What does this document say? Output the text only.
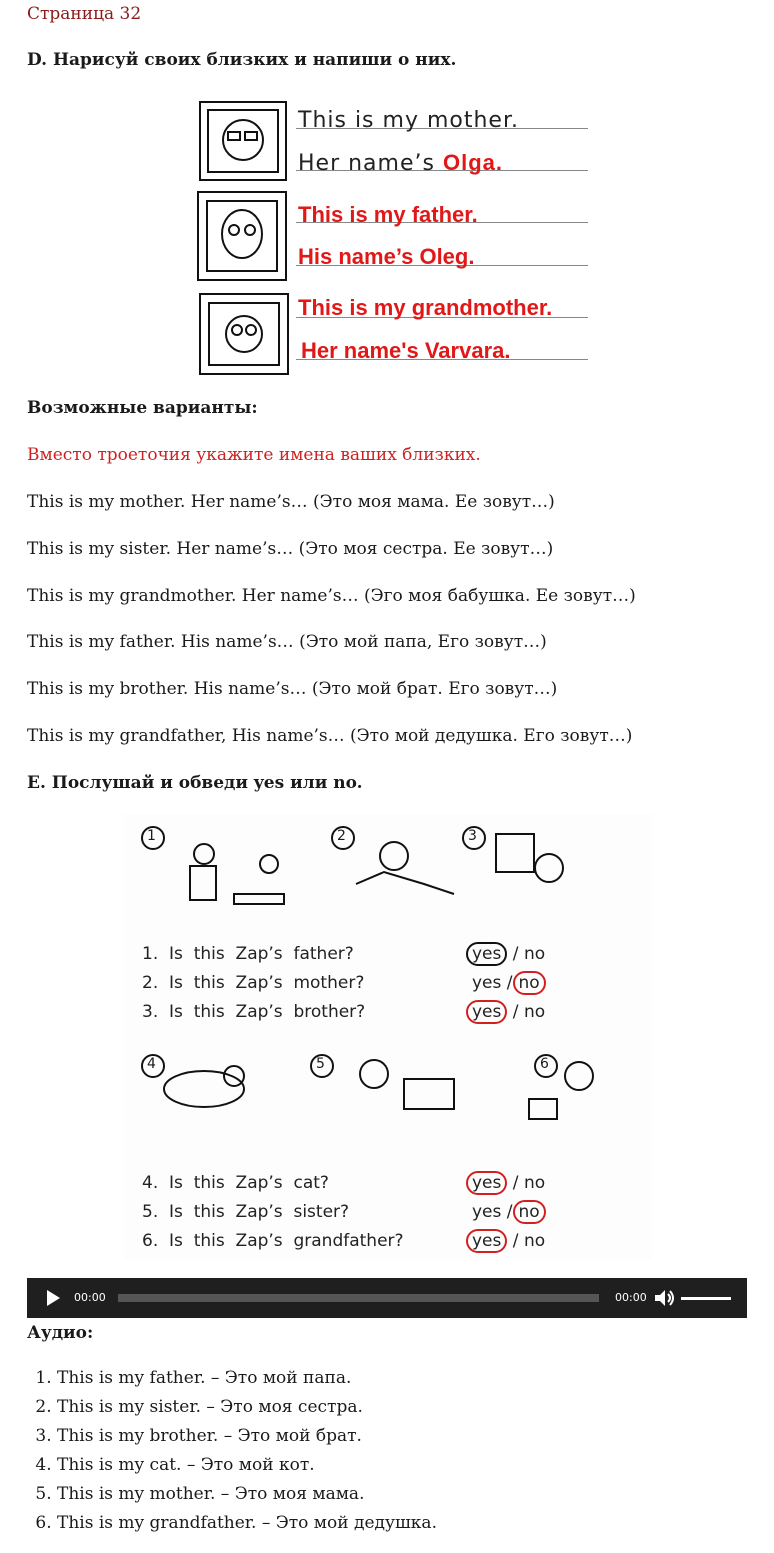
Страница 32
D. Нарисуй своих близких и напиши о них.
This is my mother.
Her name’s Olga.
This is my father.
His name’s Oleg.
This is my grandmother.
Her name's Varvara.
Возможные варианты:
Вместо троеточия укажите имена ваших близких.
This is my mother. Her name’s… (Это моя мама. Ее зовут…)
This is my sister. Her name’s… (Это моя сестра. Ее зовут…)
This is my grandmother. Her name’s… (Эго моя бабушка. Ее зовут…)
This is my father. His name’s… (Это мой папа, Его зовут…)
This is my brother. His name’s… (Это мой брат. Его зовут…)
This is my grandfather, His name’s… (Это мой дедушка. Его зовут…)
E. Послушай и обведи yes или no.
1	2	3
4	5	6
1. Is  this  Zap’s  father?	yes / no
2. Is  this  Zap’s  mother?	yes / no
3. Is  this  Zap’s  brother?	yes / no
4. Is  this  Zap’s  cat?	yes / no
5. Is  this  Zap’s  sister?	yes / no
6. Is  this  Zap’s  grandfather?	yes / no
00:00	00:00
Аудио:
1. This is my father. – Это мой папа.
2. This is my sister. – Это моя сестра.
3. This is my brother. – Это мой брат.
4. This is my cat. – Это мой кот.
5. This is my mother. – Это моя мама.
6. This is my grandfather. – Это мой дедушка.
